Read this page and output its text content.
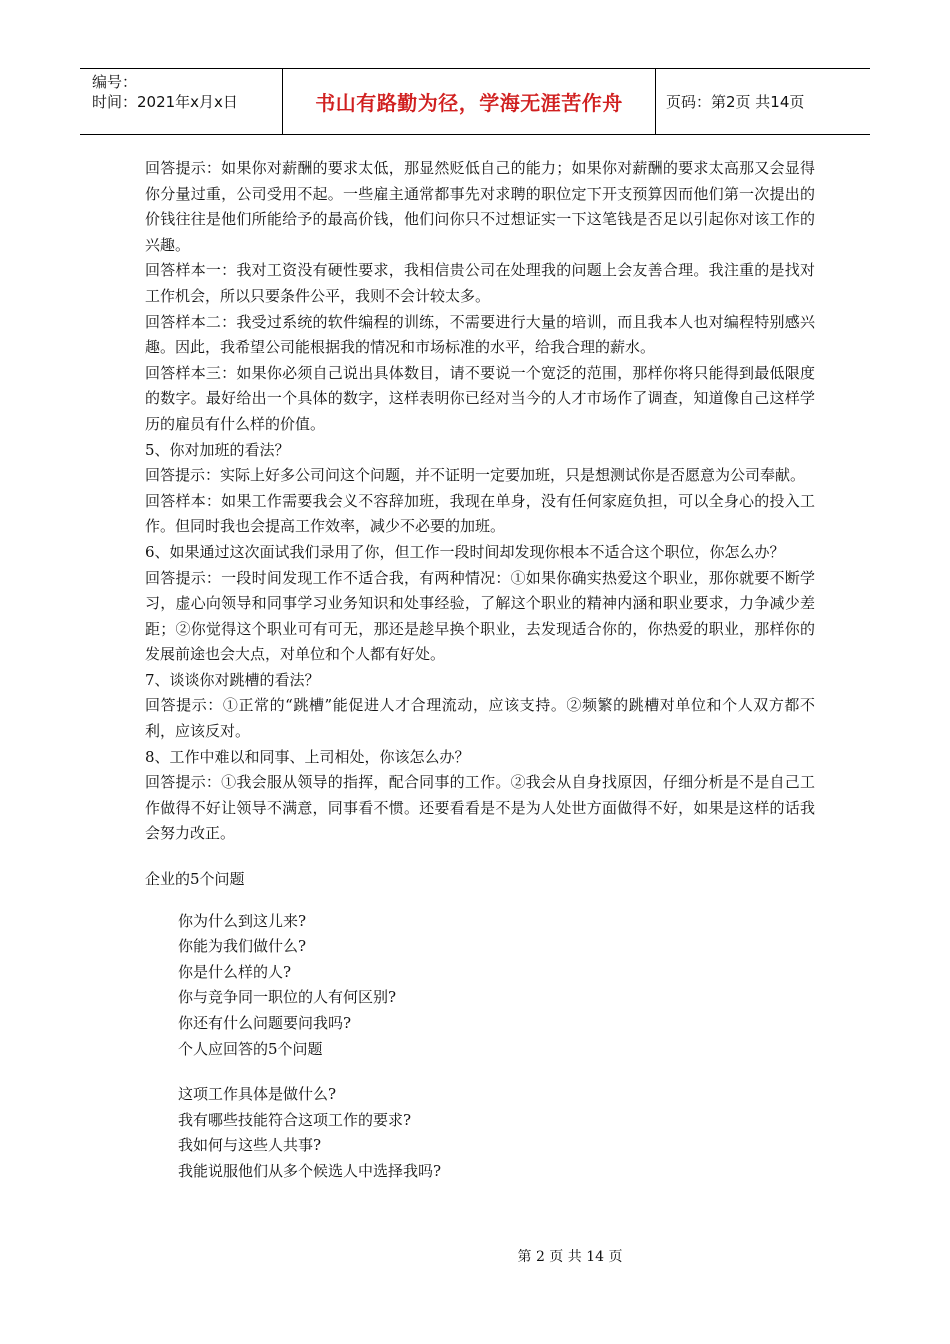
编号：
时间：2021年x月x日	书山有路勤为径，学海无涯苦作舟	页码：第2页 共14页

回答提示：如果你对薪酬的要求太低，那显然贬低自己的能力；如果你对薪酬的要求太高那又会显得你分量过重，公司受用不起。一些雇主通常都事先对求聘的职位定下开支预算因而他们第一次提出的价钱往往是他们所能给予的最高价钱，他们问你只不过想证实一下这笔钱是否足以引起你对该工作的兴趣。

回答样本一：我对工资没有硬性要求，我相信贵公司在处理我的问题上会友善合理。我注重的是找对工作机会，所以只要条件公平，我则不会计较太多。

回答样本二：我受过系统的软件编程的训练，不需要进行大量的培训，而且我本人也对编程特别感兴趣。因此，我希望公司能根据我的情况和市场标准的水平，给我合理的薪水。

回答样本三：如果你必须自己说出具体数目，请不要说一个宽泛的范围，那样你将只能得到最低限度的数字。最好给出一个具体的数字，这样表明你已经对当今的人才市场作了调查，知道像自己这样学历的雇员有什么样的价值。

5、你对加班的看法？

回答提示：实际上好多公司问这个问题，并不证明一定要加班，只是想测试你是否愿意为公司奉献。

回答样本：如果工作需要我会义不容辞加班，我现在单身，没有任何家庭负担，可以全身心的投入工作。但同时我也会提高工作效率，减少不必要的加班。

6、如果通过这次面试我们录用了你，但工作一段时间却发现你根本不适合这个职位，你怎么办？

回答提示：一段时间发现工作不适合我，有两种情况：①如果你确实热爱这个职业，那你就要不断学习，虚心向领导和同事学习业务知识和处事经验，了解这个职业的精神内涵和职业要求，力争减少差距；②你觉得这个职业可有可无，那还是趁早换个职业，去发现适合你的，你热爱的职业，那样你的发展前途也会大点，对单位和个人都有好处。

7、谈谈你对跳槽的看法？

回答提示：①正常的“跳槽”能促进人才合理流动，应该支持。②频繁的跳槽对单位和个人双方都不利，应该反对。

8、工作中难以和同事、上司相处，你该怎么办？

回答提示：①我会服从领导的指挥，配合同事的工作。②我会从自身找原因，仔细分析是不是自己工作做得不好让领导不满意，同事看不惯。还要看看是不是为人处世方面做得不好，如果是这样的话我会努力改正。

企业的5个问题

你为什么到这儿来?

你能为我们做什么?

你是什么样的人?

你与竞争同一职位的人有何区别?

你还有什么问题要问我吗?

个人应回答的5个问题

这项工作具体是做什么?

我有哪些技能符合这项工作的要求?

我如何与这些人共事?

我能说服他们从多个候选人中选择我吗?

第 2 页 共 14 页
